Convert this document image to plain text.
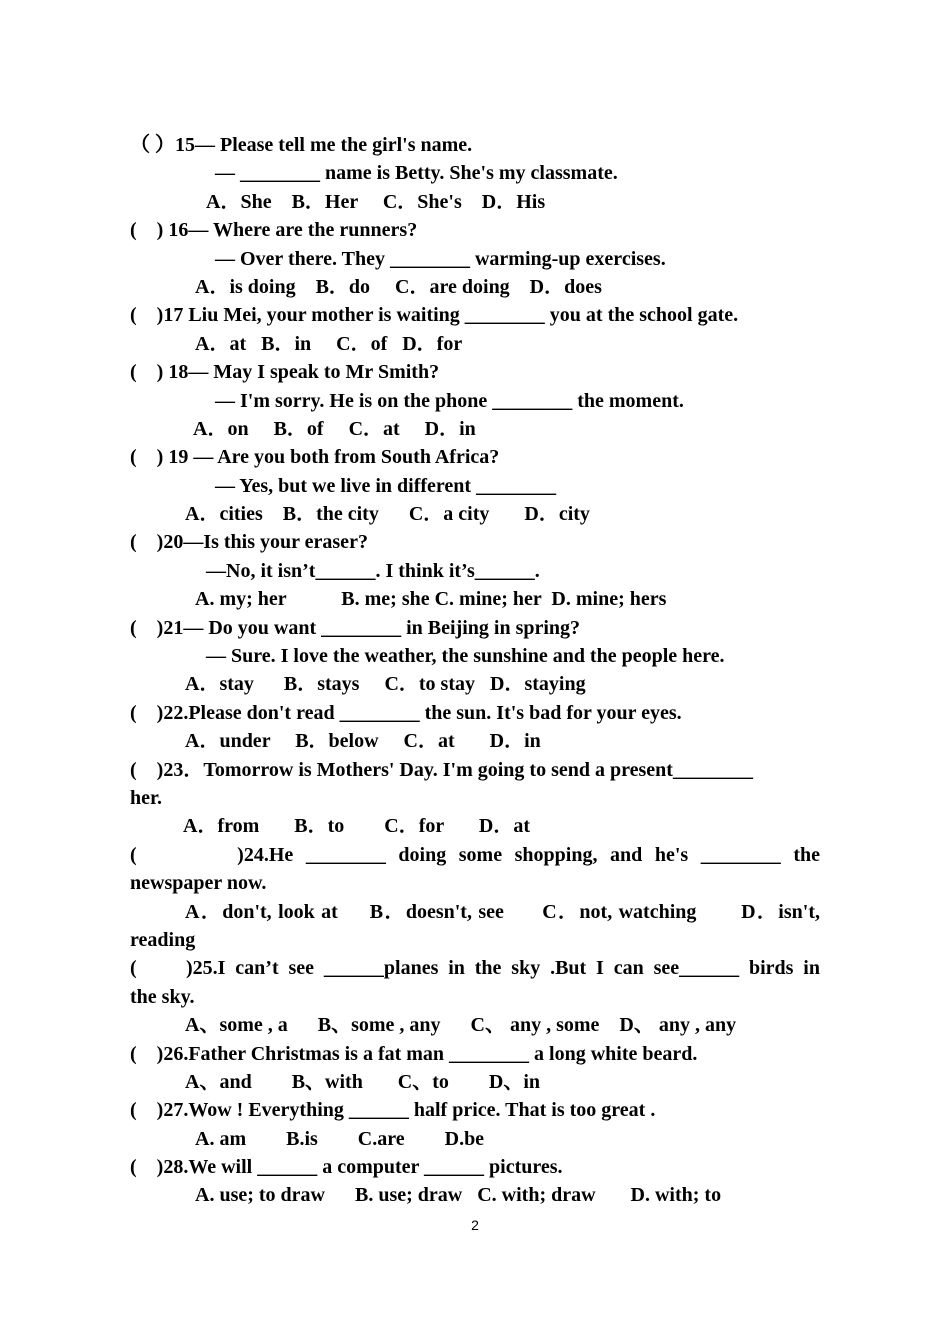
（ ）15— Please tell me the girl's name.
— ________ name is Betty. She's my classmate.
A．She    B．Her     C．She's    D．His
(    ) 16— Where are the runners?
— Over there. They ________ warming-up exercises.
A．is doing    B．do     C．are doing    D．does
(    )17 Liu Mei, your mother is waiting ________ you at the school gate.
A．at   B．in     C．of   D．for
(    ) 18— May I speak to Mr Smith?
— I'm sorry. He is on the phone ________ the moment.
A．on     B．of     C．at     D．in
(    ) 19 — Are you both from South Africa?
— Yes, but we live in different ________
A．cities    B．the city      C．a city       D．city
(    )20—Is this your eraser?
—No, it isn’t______. I think it’s______.
A. my; her           B. me; she C. mine; her  D. mine; hers
(    )21— Do you want ________ in Beijing in spring?
— Sure. I love the weather, the sunshine and the people here.
A．stay      B．stays     C．to stay   D．staying
(    )22.Please don't read ________ the sun. It's bad for your eyes.
A．under     B．below     C．at       D．in
(    )23．Tomorrow is Mothers' Day. I'm going to send a present________
her.
A．from       B．to        C．for       D．at
(        )24.He ________ doing some shopping, and he's ________ the
newspaper now.
A．don't, look at     B．doesn't, see      C．not, watching       D．isn't,
reading
(     )25.I can’t see ______planes in the sky .But I can see______ birds in
the sky.
A、some , a      B、some , any      C、 any , some    D、 any , any
(    )26.Father Christmas is a fat man ________ a long white beard.
A、and        B、with       C、to        D、in
(    )27.Wow ! Everything ______ half price. That is too great .
A. am        B.is        C.are        D.be
(    )28.We will ______ a computer ______ pictures.
A. use; to draw      B. use; draw   C. with; draw       D. with; to
2
